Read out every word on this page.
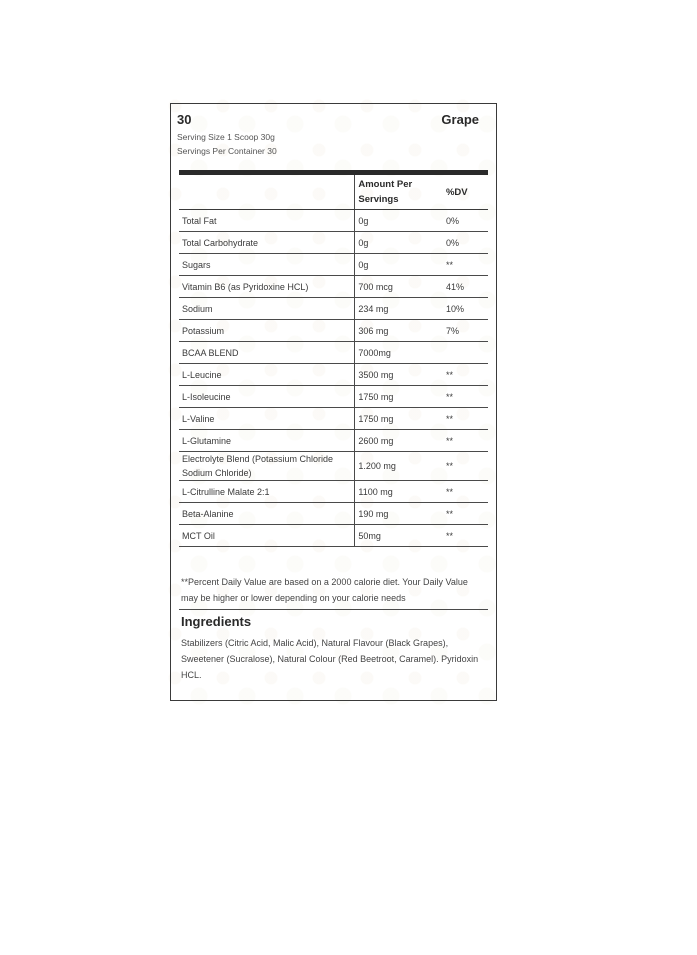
30	Grape
Serving Size 1 Scoop 30g
Servings Per Container 30
	Amount Per Servings	%DV
Total Fat	0g	0%
Total Carbohydrate	0g	0%
Sugars	0g	**
Vitamin B6 (as Pyridoxine HCL)	700 mcg	41%
Sodium	234 mg	10%
Potassium	306 mg	7%
BCAA BLEND	7000mg	
L-Leucine	3500 mg	**
L-Isoleucine	1750 mg	**
L-Valine	1750 mg	**
L-Glutamine	2600 mg	**
Electrolyte Blend (Potassium Chloride Sodium Chloride)	1.200 mg	**
L-Citrulline Malate 2:1	1100 mg	**
Beta-Alanine	190 mg	**
MCT Oil	50mg	**
**Percent Daily Value are based on a 2000 calorie diet. Your Daily Value may be higher or lower depending on your calorie needs
Ingredients
Stabilizers (Citric Acid, Malic Acid), Natural Flavour (Black Grapes), Sweetener (Sucralose), Natural Colour (Red Beetroot, Caramel). Pyridoxin HCL.
